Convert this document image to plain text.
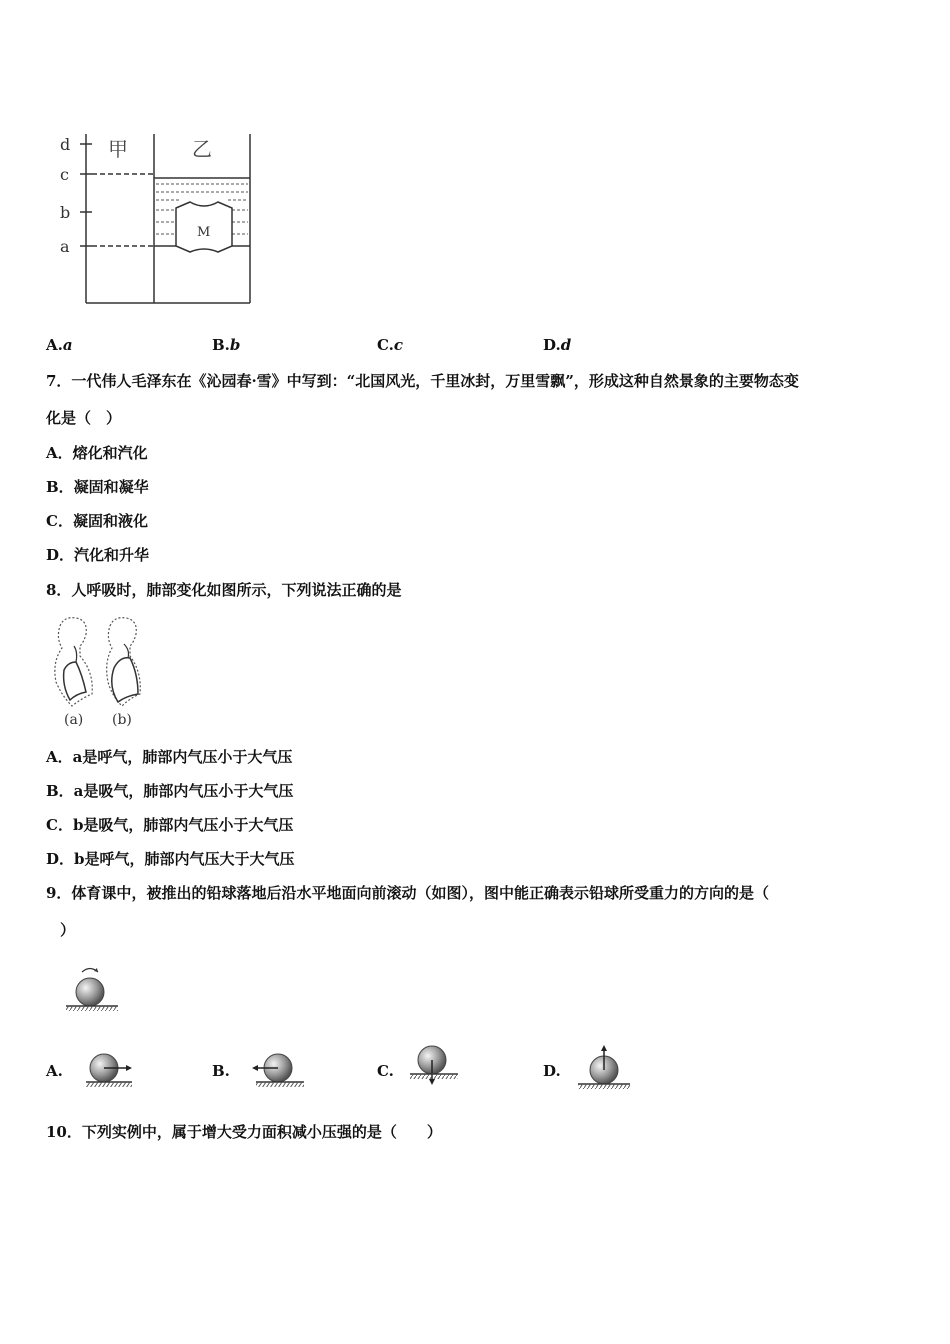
d
c
b
a
甲	乙
M
A.a	B.b	C.c	D.d
7．一代伟人毛泽东在《沁园春·雪》中写到：“北国风光，千里冰封，万里雪飘”，形成这种自然景象的主要物态变
化是（　）
A．熔化和汽化
B．凝固和凝华
C．凝固和液化
D．汽化和升华
8．人呼吸时，肺部变化如图所示，下列说法正确的是
(a) (b)
A．a是呼气，肺部内气压小于大气压
B．a是吸气，肺部内气压小于大气压
C．b是吸气，肺部内气压小于大气压
D．b是呼气，肺部内气压大于大气压
9．体育课中，被推出的铅球落地后沿水平地面向前滚动（如图），图中能正确表示铅球所受重力的方向的是（
）
A.	B.	C.	D.
10．下列实例中，属于增大受力面积减小压强的是（　　）
